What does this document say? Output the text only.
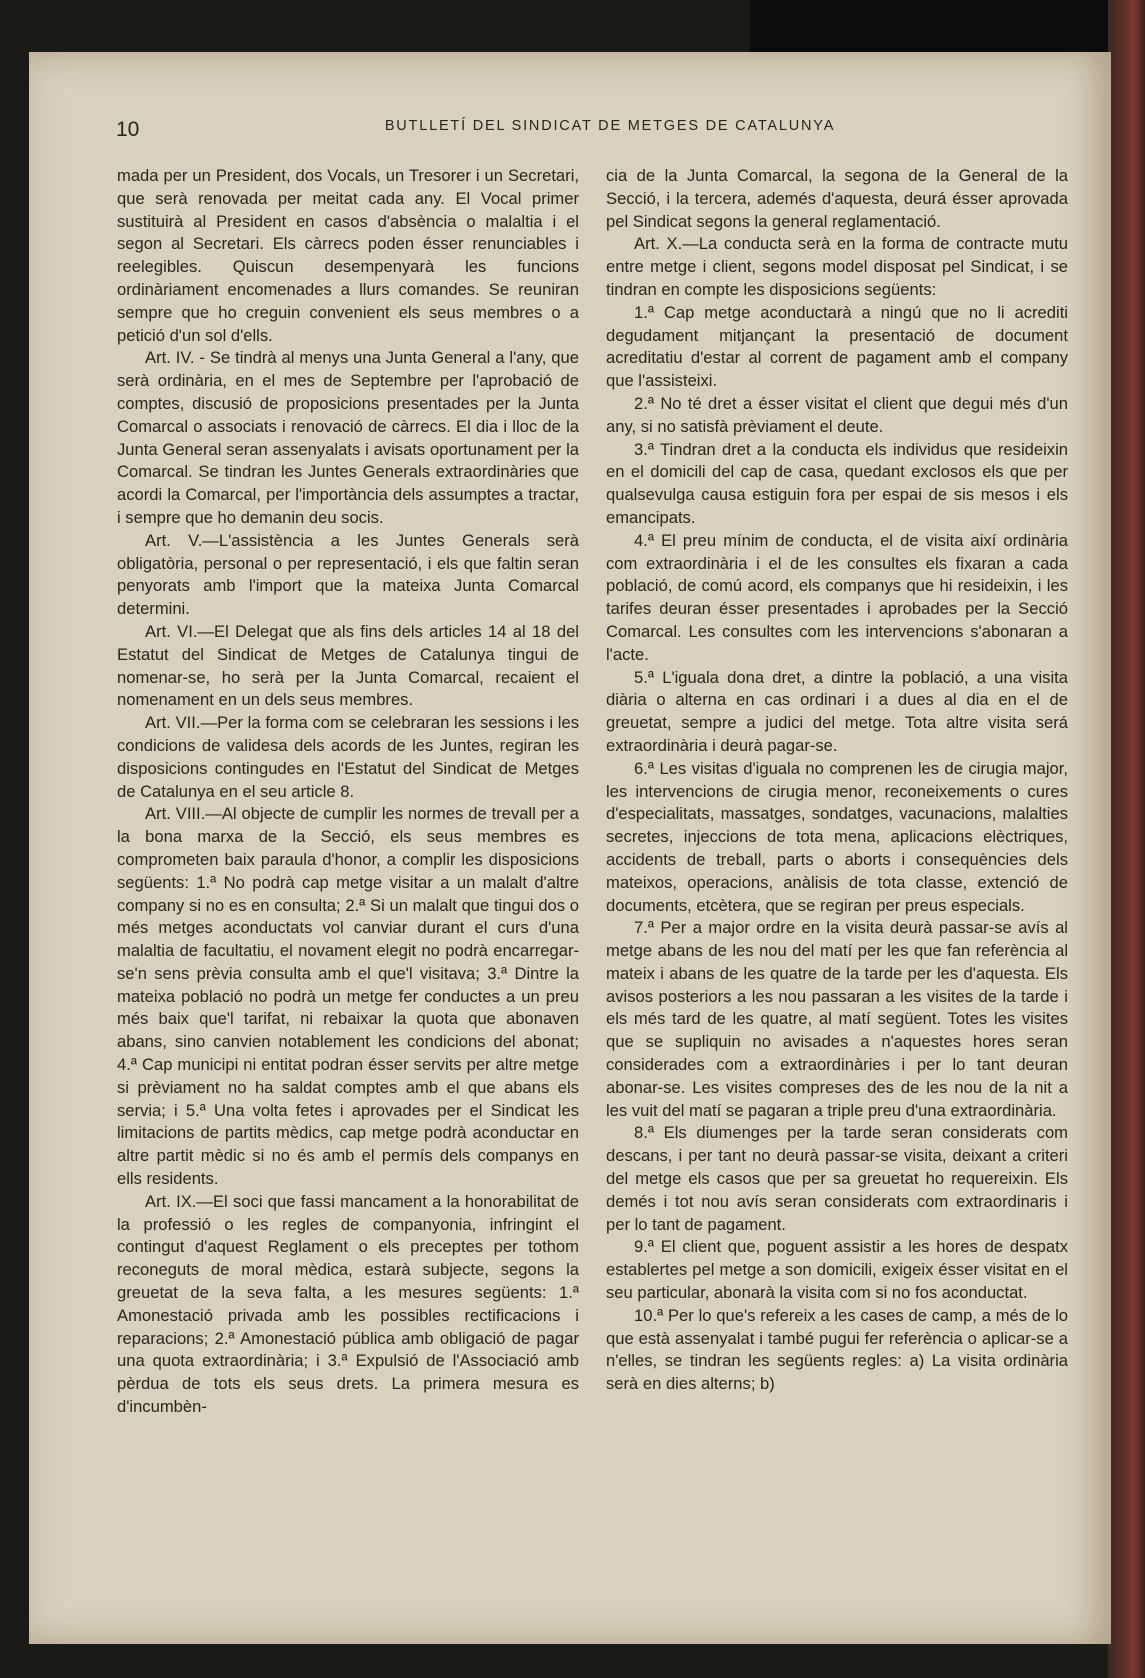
10	BUTLLETÍ DEL SINDICAT DE METGES DE CATALUNYA

mada per un President, dos Vocals, un Tresorer i un Secretari, que serà renovada per meitat cada any. El Vocal primer sustituirà al President en casos d'absència o malaltia i el segon al Secretari. Els càrrecs poden ésser renunciables i reelegibles. Quiscun desempenyarà les funcions ordinàriament encomenades a llurs comandes. Se reuniran sempre que ho creguin convenient els seus membres o a petició d'un sol d'ells.

Art. IV. - Se tindrà al menys una Junta General a l'any, que serà ordinària, en el mes de Septembre per l'aprobació de comptes, discusió de proposicions presentades per la Junta Comarcal o associats i renovació de càrrecs. El dia i lloc de la Junta General seran assenyalats i avisats oportunament per la Comarcal. Se tindran les Juntes Generals extraordinàries que acordi la Comarcal, per l'importància dels assumptes a tractar, i sempre que ho demanin deu socis.

Art. V.—L'assistència a les Juntes Generals serà obligatòria, personal o per representació, i els que faltin seran penyorats amb l'import que la mateixa Junta Comarcal determini.

Art. VI.—El Delegat que als fins dels articles 14 al 18 del Estatut del Sindicat de Metges de Catalunya tingui de nomenar-se, ho serà per la Junta Comarcal, recaient el nomenament en un dels seus membres.

Art. VII.—Per la forma com se celebraran les sessions i les condicions de validesa dels acords de les Juntes, regiran les disposicions contingudes en l'Estatut del Sindicat de Metges de Catalunya en el seu article 8.

Art. VIII.—Al objecte de cumplir les normes de trevall per a la bona marxa de la Secció, els seus membres es comprometen baix paraula d'honor, a complir les disposicions següents: 1.ª No podrà cap metge visitar a un malalt d'altre company si no es en consulta; 2.ª Si un malalt que tingui dos o més metges aconductats vol canviar durant el curs d'una malaltia de facultatiu, el novament elegit no podrà encarregar-se'n sens prèvia consulta amb el que'l visitava; 3.ª Dintre la mateixa població no podrà un metge fer conductes a un preu més baix que'l tarifat, ni rebaixar la quota que abonaven abans, sino canvien notablement les condicions del abonat; 4.ª Cap municipi ni entitat podran ésser servits per altre metge si prèviament no ha saldat comptes amb el que abans els servia; i 5.ª Una volta fetes i aprovades per el Sindicat les limitacions de partits mèdics, cap metge podrà aconductar en altre partit mèdic si no és amb el permís dels companys en ells residents.

Art. IX.—El soci que fassi mancament a la honorabilitat de la professió o les regles de companyonia, infringint el contingut d'aquest Reglament o els preceptes per tothom reconeguts de moral mèdica, estarà subjecte, segons la greuetat de la seva falta, a les mesures següents: 1.ª Amonestació privada amb les possibles rectificacions i reparacions; 2.ª Amonestació pública amb obligació de pagar una quota extraordinària; i 3.ª Expulsió de l'Associació amb pèrdua de tots els seus drets. La primera mesura es d'incumbèn-

cia de la Junta Comarcal, la segona de la General de la Secció, i la tercera, ademés d'aquesta, deurá ésser aprovada pel Sindicat segons la general reglamentació.

Art. X.—La conducta serà en la forma de contracte mutu entre metge i client, segons model disposat pel Sindicat, i se tindran en compte les disposicions següents:

1.ª Cap metge aconductarà a ningú que no li acrediti degudament mitjançant la presentació de document acreditatiu d'estar al corrent de pagament amb el company que l'assisteixi.

2.ª No té dret a ésser visitat el client que degui més d'un any, si no satisfà prèviament el deute.

3.ª Tindran dret a la conducta els individus que resideixin en el domicili del cap de casa, quedant exclosos els que per qualsevulga causa estiguin fora per espai de sis mesos i els emancipats.

4.ª El preu mínim de conducta, el de visita així ordinària com extraordinària i el de les consultes els fixaran a cada població, de comú acord, els companys que hi resideixin, i les tarifes deuran ésser presentades i aprobades per la Secció Comarcal. Les consultes com les intervencions s'abonaran a l'acte.

5.ª L'iguala dona dret, a dintre la població, a una visita diària o alterna en cas ordinari i a dues al dia en el de greuetat, sempre a judici del metge. Tota altre visita será extraordinària i deurà pagar-se.

6.ª Les visitas d'iguala no comprenen les de cirugia major, les intervencions de cirugia menor, reconeixements o cures d'especialitats, massatges, sondatges, vacunacions, malalties secretes, injeccions de tota mena, aplicacions elèctriques, accidents de treball, parts o aborts i consequències dels mateixos, operacions, anàlisis de tota classe, extenció de documents, etcètera, que se regiran per preus especials.

7.ª Per a major ordre en la visita deurà passar-se avís al metge abans de les nou del matí per les que fan referència al mateix i abans de les quatre de la tarde per les d'aquesta. Els avisos posteriors a les nou passaran a les visites de la tarde i els més tard de les quatre, al matí següent. Totes les visites que se supliquin no avisades a n'aquestes hores seran considerades com a extraordinàries i per lo tant deuran abonar-se. Les visites compreses des de les nou de la nit a les vuit del matí se pagaran a triple preu d'una extraordinària.

8.ª Els diumenges per la tarde seran considerats com descans, i per tant no deurà passar-se visita, deixant a criteri del metge els casos que per sa greuetat ho requereixin. Els demés i tot nou avís seran considerats com extraordinaris i per lo tant de pagament.

9.ª El client que, poguent assistir a les hores de despatx establertes pel metge a son domicili, exigeix ésser visitat en el seu particular, abonarà la visita com si no fos aconductat.

10.ª Per lo que's refereix a les cases de camp, a més de lo que està assenyalat i també pugui fer referència o aplicar-se a n'elles, se tindran les següents regles: a) La visita ordinària serà en dies alterns; b)
